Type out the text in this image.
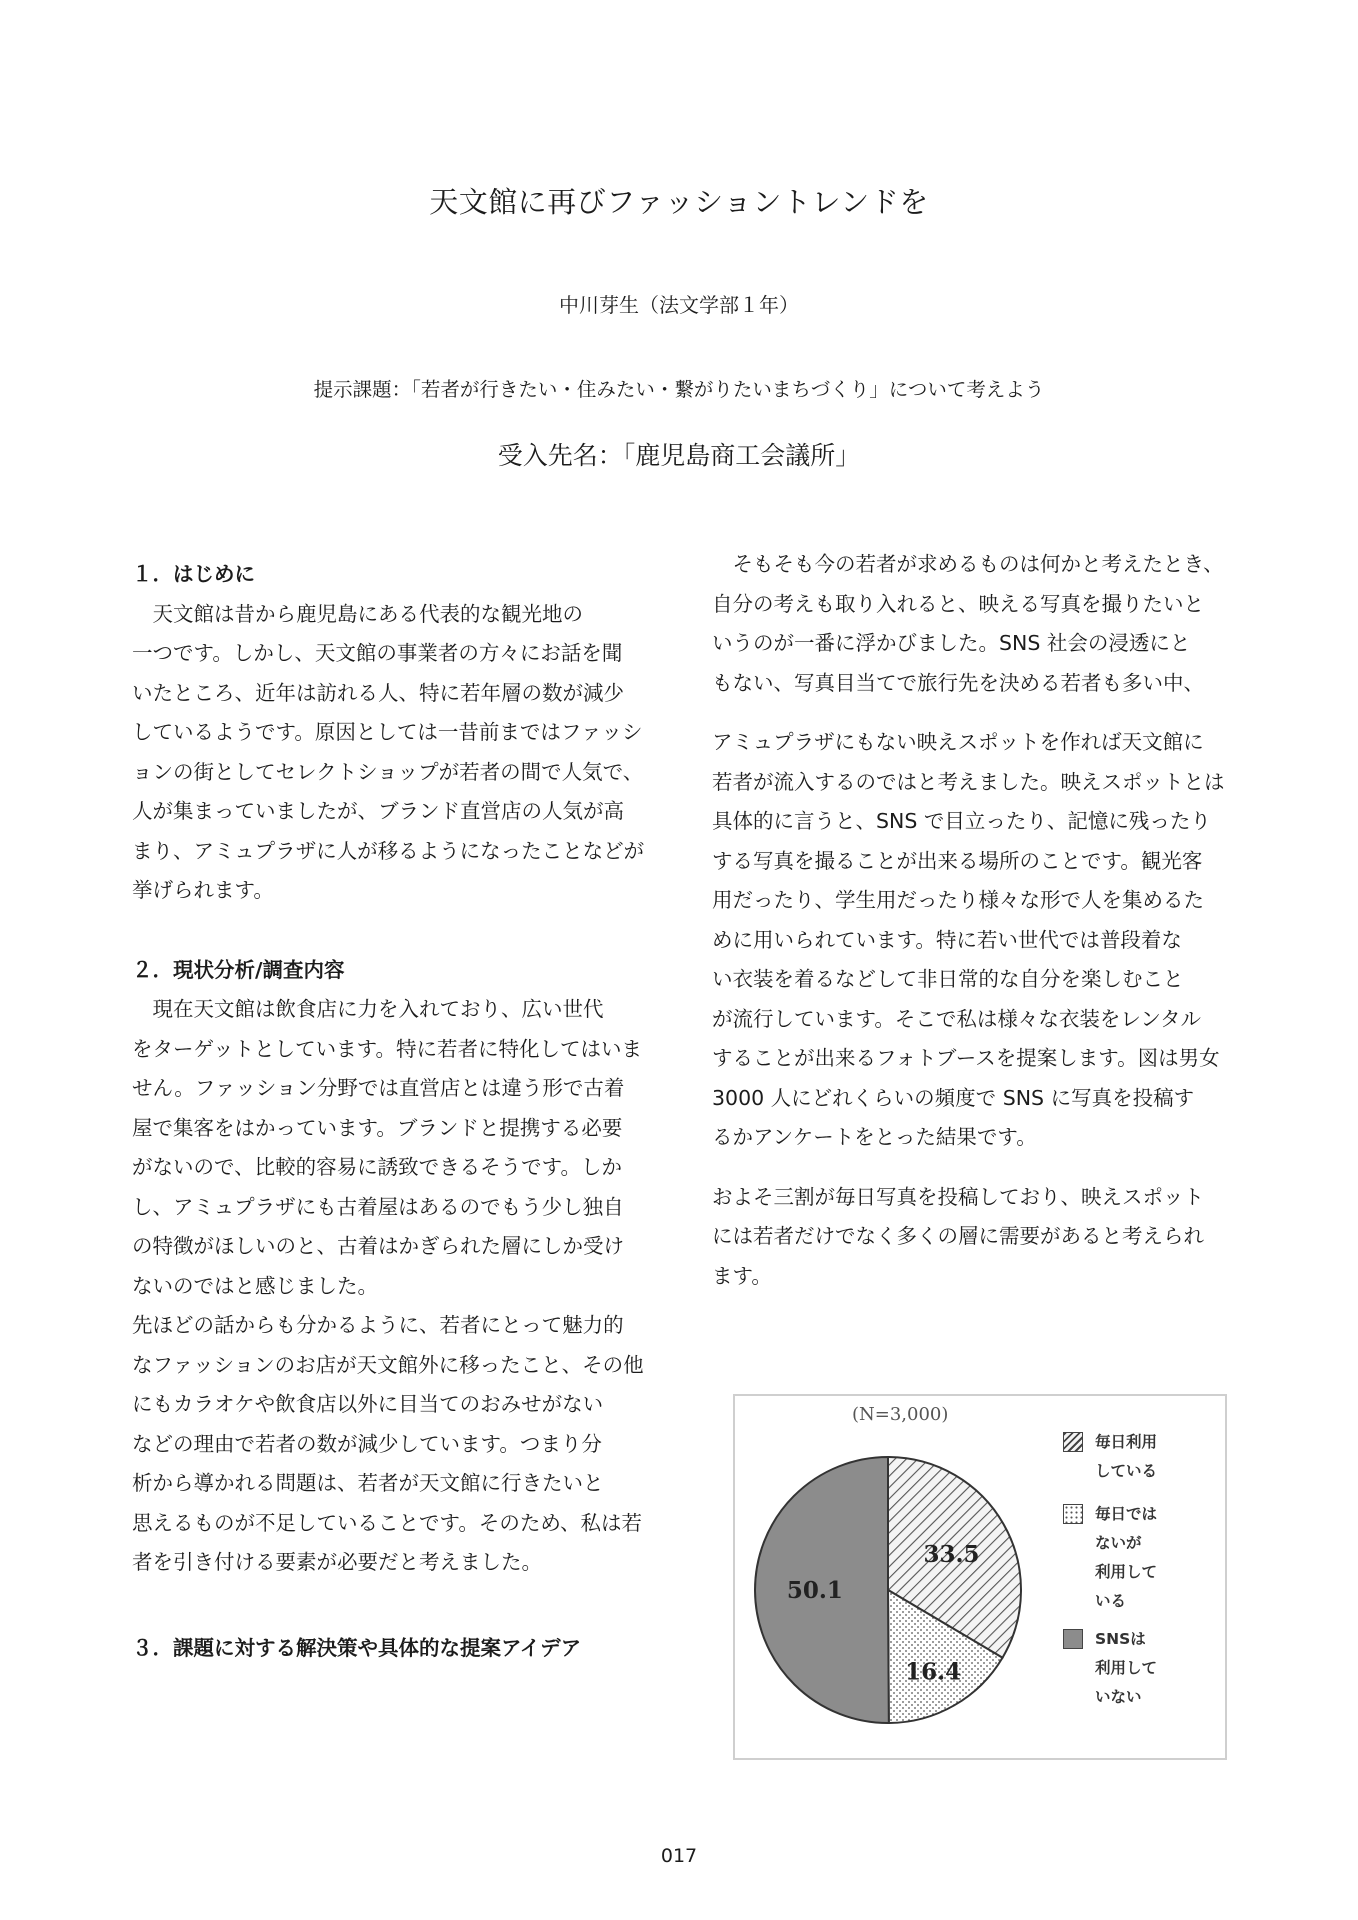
天文館に再びファッショントレンドを
中川芽生（法文学部１年）
提示課題：「若者が行きたい・住みたい・繋がりたいまちづくり」について考えよう
受入先名：「鹿児島商工会議所」
１．はじめに
　天文館は昔から鹿児島にある代表的な観光地の
一つです。しかし、天文館の事業者の方々にお話を聞
いたところ、近年は訪れる人、特に若年層の数が減少
しているようです。原因としては一昔前まではファッシ
ョンの街としてセレクトショップが若者の間で人気で、
人が集まっていましたが、ブランド直営店の人気が高
まり、アミュプラザに人が移るようになったことなどが
挙げられます。
２．現状分析/調査内容
　現在天文館は飲食店に力を入れており、広い世代
をターゲットとしています。特に若者に特化してはいま
せん。ファッション分野では直営店とは違う形で古着
屋で集客をはかっています。ブランドと提携する必要
がないので、比較的容易に誘致できるそうです。しか
し、アミュプラザにも古着屋はあるのでもう少し独自
の特徴がほしいのと、古着はかぎられた層にしか受け
ないのではと感じました。
先ほどの話からも分かるように、若者にとって魅力的
なファッションのお店が天文館外に移ったこと、その他
にもカラオケや飲食店以外に目当てのおみせがない
などの理由で若者の数が減少しています。つまり分
析から導かれる問題は、若者が天文館に行きたいと
思えるものが不足していることです。そのため、私は若
者を引き付ける要素が必要だと考えました。
３．課題に対する解決策や具体的な提案アイデア
　そもそも今の若者が求めるものは何かと考えたとき、
自分の考えも取り入れると、映える写真を撮りたいと
いうのが一番に浮かびました。SNS 社会の浸透にと
もない、写真目当てで旅行先を決める若者も多い中、
アミュプラザにもない映えスポットを作れば天文館に
若者が流入するのではと考えました。映えスポットとは
具体的に言うと、SNS で目立ったり、記憶に残ったり
する写真を撮ることが出来る場所のことです。観光客
用だったり、学生用だったり様々な形で人を集めるた
めに用いられています。特に若い世代では普段着な
い衣装を着るなどして非日常的な自分を楽しむこと
が流行しています。そこで私は様々な衣装をレンタル
することが出来るフォトブースを提案します。図は男女
3000 人にどれくらいの頻度で SNS に写真を投稿す
るかアンケートをとった結果です。
およそ三割が毎日写真を投稿しており、映えスポット
には若者だけでなく多くの層に需要があると考えられ
ます。
(N=3,000)
33.5
16.4
50.1
毎日利用
している
毎日では
ないが
利用して
いる
SNSは
利用して
いない
017
